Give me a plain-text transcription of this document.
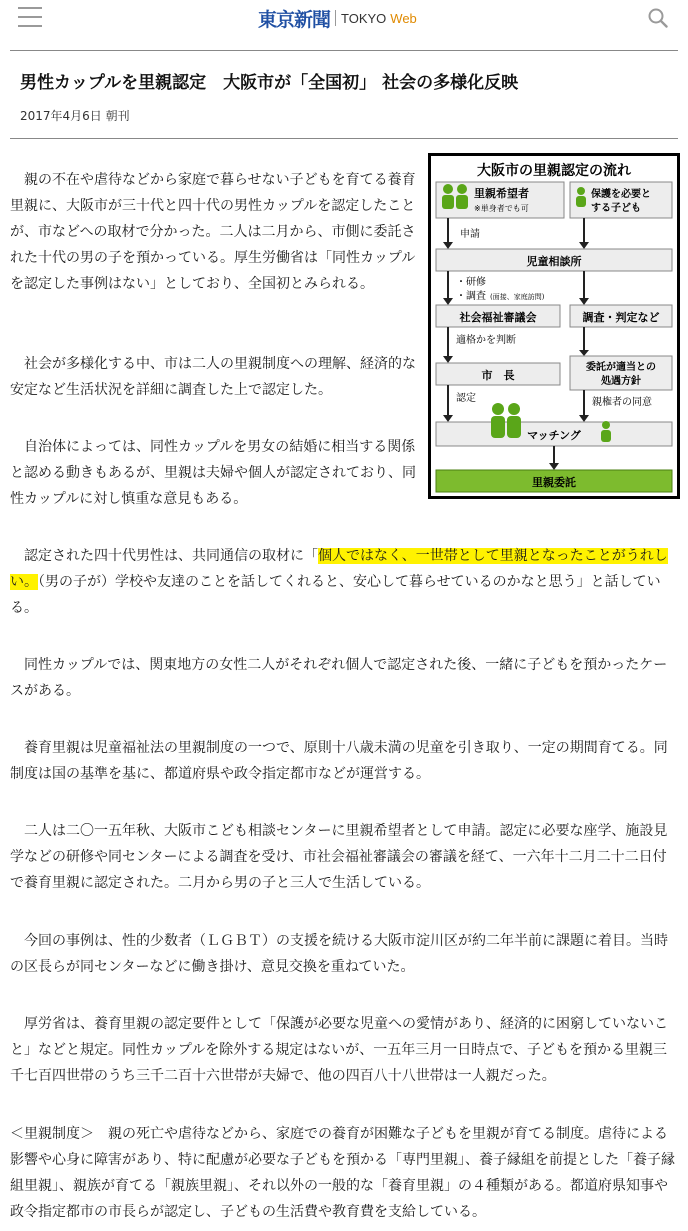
東京新聞 TOKYO Web
男性カップルを里親認定　大阪市が「全国初」 社会の多様化反映
2017年4月6日 朝刊

親の不在や虐待などから家庭で暮らせない子どもを育てる養育里親に、大阪市が三十代と四十代の男性カップルを認定したことが、市などへの取材で分かった。二人は二月から、市側に委託された十代の男の子を預かっている。厚生労働省は「同性カップルを認定した事例はない」としており、全国初とみられる。

社会が多様化する中、市は二人の里親制度への理解、経済的な安定など生活状況を詳細に調査した上で認定した。

自治体によっては、同性カップルを男女の結婚に相当する関係と認める動きもあるが、里親は夫婦や個人が認定されており、同性カップルに対し慎重な意見もある。

認定された四十代男性は、共同通信の取材に「個人ではなく、一世帯として里親となったことがうれしい。（男の子が）学校や友達のことを話してくれると、安心して暮らせているのかなと思う」と話している。

同性カップルでは、関東地方の女性二人がそれぞれ個人で認定された後、一緒に子どもを預かったケースがある。

養育里親は児童福祉法の里親制度の一つで、原則十八歳未満の児童を引き取り、一定の期間育てる。同制度は国の基準を基に、都道府県や政令指定都市などが運営する。

二人は二〇一五年秋、大阪市こども相談センターに里親希望者として申請。認定に必要な座学、施設見学などの研修や同センターによる調査を受け、市社会福祉審議会の審議を経て、一六年十二月二十二日付で養育里親に認定された。二月から男の子と三人で生活している。

今回の事例は、性的少数者（ＬＧＢＴ）の支援を続ける大阪市淀川区が約二年半前に課題に着目。当時の区長らが同センターなどに働き掛け、意見交換を重ねていた。

厚労省は、養育里親の認定要件として「保護が必要な児童への愛情があり、経済的に困窮していないこと」などと規定。同性カップルを除外する規定はないが、一五年三月一日時点で、子どもを預かる里親三千七百四世帯のうち三千二百十六世帯が夫婦で、他の四百八十八世帯は一人親だった。

＜里親制度＞　親の死亡や虐待などから、家庭での養育が困難な子どもを里親が育てる制度。虐待による影響や心身に障害があり、特に配慮が必要な子どもを預かる「専門里親」、養子縁組を前提とした「養子縁組里親」、親族が育てる「親族里親」、それ以外の一般的な「養育里親」の４種類がある。都道府県知事や政令指定都市の市長らが認定し、子どもの生活費や教育費を支給している。

大阪市の里親認定の流れ
里親希望者
※単身者でも可
保護を必要と
する子ども
申請
児童相談所
・研修
・調査 (面接、家庭訪問)
社会福祉審議会	調査・判定など
適格かを判断
市　長
委託が適当との
処遇方針
認定	親権者の同意
マッチング
里親委託
